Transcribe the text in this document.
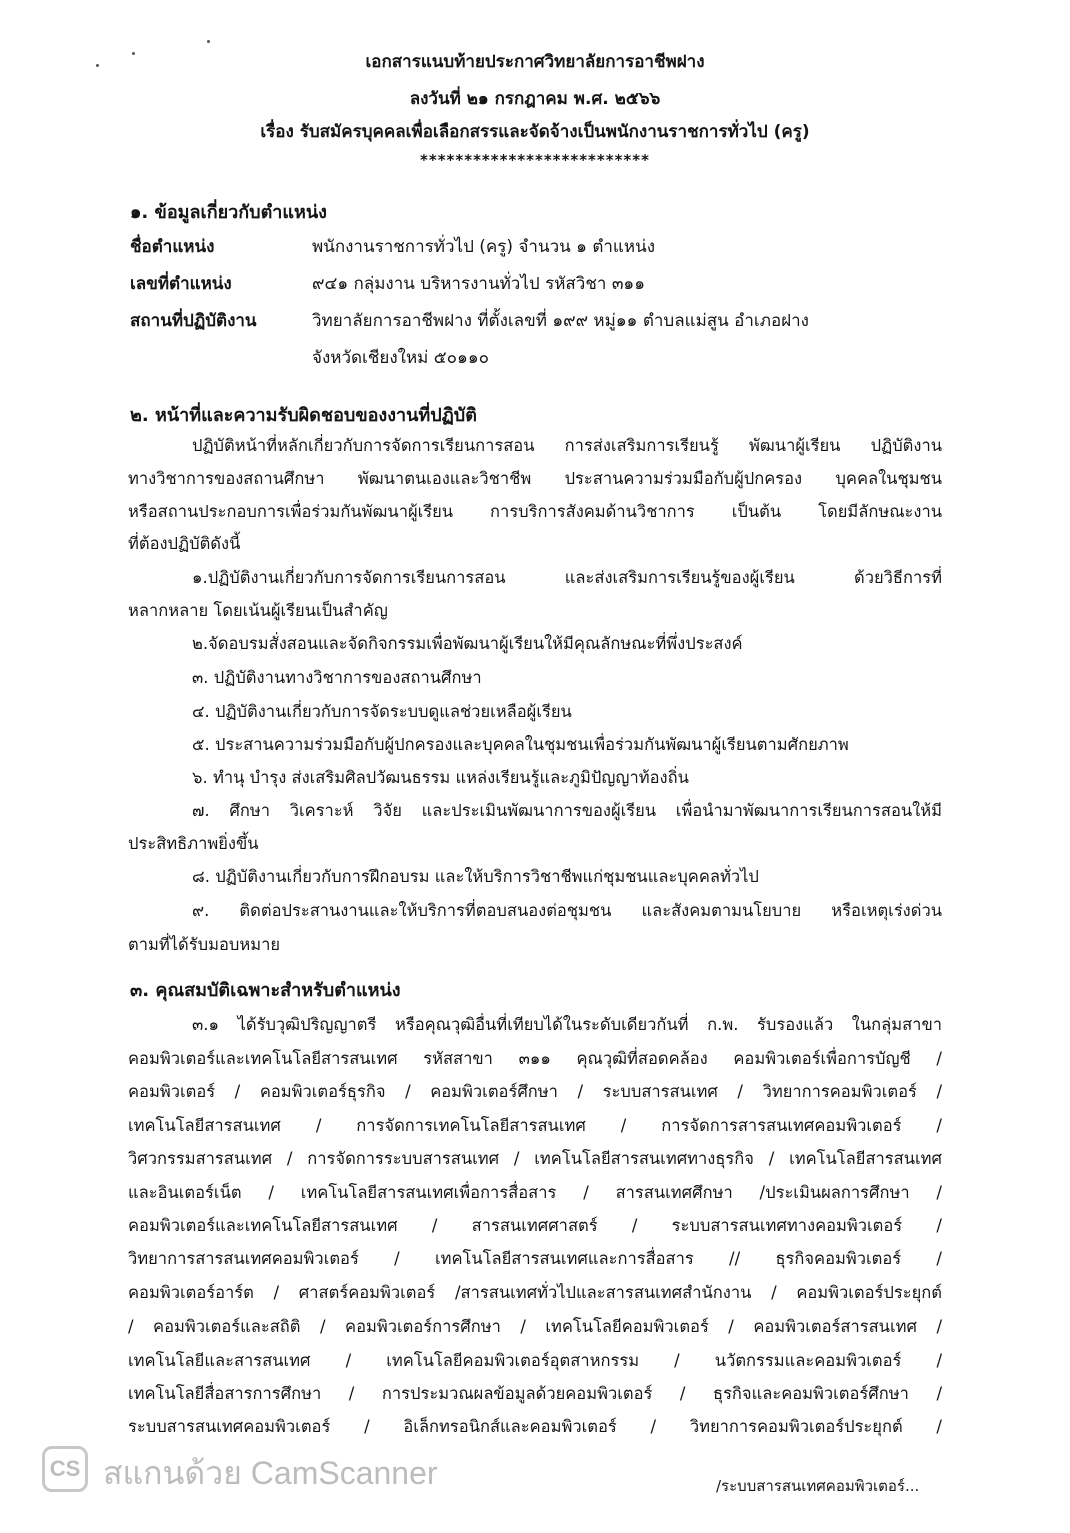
เอกสารแนบท้ายประกาศวิทยาลัยการอาชีพฝาง
ลงวันที่ ๒๑ กรกฎาคม พ.ศ. ๒๕๖๖
เรื่อง รับสมัครบุคคลเพื่อเลือกสรรและจัดจ้างเป็นพนักงานราชการทั่วไป (ครู)
**************************
๑. ข้อมูลเกี่ยวกับตำแหน่ง
ชื่อตำแหน่ง	พนักงานราชการทั่วไป (ครู) จำนวน ๑ ตำแหน่ง
เลขที่ตำแหน่ง	๙๔๑ กลุ่มงาน บริหารงานทั่วไป รหัสวิชา ๓๑๑
สถานที่ปฏิบัติงาน	วิทยาลัยการอาชีพฝาง ที่ตั้งเลขที่ ๑๙๙ หมู่๑๑ ตำบลแม่สูน อำเภอฝาง
จังหวัดเชียงใหม่ ๕๐๑๑๐
๒. หน้าที่และความรับผิดชอบของงานที่ปฏิบัติ
ปฏิบัติหน้าที่หลักเกี่ยวกับการจัดการเรียนการสอน การส่งเสริมการเรียนรู้ พัฒนาผู้เรียน ปฏิบัติงาน
ทางวิชาการของสถานศึกษา พัฒนาตนเองและวิชาชีพ ประสานความร่วมมือกับผู้ปกครอง บุคคลในชุมชน
หรือสถานประกอบการเพื่อร่วมกันพัฒนาผู้เรียน การบริการสังคมด้านวิชาการ เป็นต้น โดยมีลักษณะงาน
ที่ต้องปฏิบัติดังนี้
๑.ปฏิบัติงานเกี่ยวกับการจัดการเรียนการสอน และส่งเสริมการเรียนรู้ของผู้เรียน ด้วยวิธีการที่
หลากหลาย โดยเน้นผู้เรียนเป็นสำคัญ
๒.จัดอบรมสั่งสอนและจัดกิจกรรมเพื่อพัฒนาผู้เรียนให้มีคุณลักษณะที่พึ่งประสงค์
๓. ปฏิบัติงานทางวิชาการของสถานศึกษา
๔. ปฏิบัติงานเกี่ยวกับการจัดระบบดูแลช่วยเหลือผู้เรียน
๕. ประสานความร่วมมือกับผู้ปกครองและบุคคลในชุมชนเพื่อร่วมกันพัฒนาผู้เรียนตามศักยภาพ
๖. ทำนุ บำรุง ส่งเสริมศิลปวัฒนธรรม แหล่งเรียนรู้และภูมิปัญญาท้องถิ่น
๗. ศึกษา วิเคราะห์ วิจัย และประเมินพัฒนาการของผู้เรียน เพื่อนำมาพัฒนาการเรียนการสอนให้มี
ประสิทธิภาพยิ่งขึ้น
๘. ปฏิบัติงานเกี่ยวกับการฝึกอบรม และให้บริการวิชาชีพแก่ชุมชนและบุคคลทั่วไป
๙. ติดต่อประสานงานและให้บริการที่ตอบสนองต่อชุมชน และสังคมตามนโยบาย หรือเหตุเร่งด่วน
ตามที่ได้รับมอบหมาย
๓. คุณสมบัติเฉพาะสำหรับตำแหน่ง
๓.๑ ได้รับวุฒิปริญญาตรี หรือคุณวุฒิอื่นที่เทียบได้ในระดับเดียวกันที่ ก.พ. รับรองแล้ว ในกลุ่มสาขา
คอมพิวเตอร์และเทคโนโลยีสารสนเทศ รหัสสาขา ๓๑๑ คุณวุฒิที่สอดคล้อง คอมพิวเตอร์เพื่อการบัญชี /
คอมพิวเตอร์ / คอมพิวเตอร์ธุรกิจ / คอมพิวเตอร์ศึกษา / ระบบสารสนเทศ / วิทยาการคอมพิวเตอร์ /
เทคโนโลยีสารสนเทศ / การจัดการเทคโนโลยีสารสนเทศ / การจัดการสารสนเทศคอมพิวเตอร์ /
วิศวกรรมสารสนเทศ / การจัดการระบบสารสนเทศ / เทคโนโลยีสารสนเทศทางธุรกิจ / เทคโนโลยีสารสนเทศ
และอินเตอร์เน็ต / เทคโนโลยีสารสนเทศเพื่อการสื่อสาร / สารสนเทศศึกษา /ประเมินผลการศึกษา /
คอมพิวเตอร์และเทคโนโลยีสารสนเทศ / สารสนเทศศาสตร์ / ระบบสารสนเทศทางคอมพิวเตอร์ /
วิทยาการสารสนเทศคอมพิวเตอร์ / เทคโนโลยีสารสนเทศและการสื่อสาร // ธุรกิจคอมพิวเตอร์ /
คอมพิวเตอร์อาร์ต / ศาสตร์คอมพิวเตอร์ /สารสนเทศทั่วไปและสารสนเทศสำนักงาน / คอมพิวเตอร์ประยุกต์
/ คอมพิวเตอร์และสถิติ / คอมพิวเตอร์การศึกษา / เทคโนโลยีคอมพิวเตอร์ / คอมพิวเตอร์สารสนเทศ /
เทคโนโลยีและสารสนเทศ / เทคโนโลยีคอมพิวเตอร์อุตสาหกรรม / นวัตกรรมและคอมพิวเตอร์ /
เทคโนโลยีสื่อสารการศึกษา / การประมวณผลข้อมูลด้วยคอมพิวเตอร์ / ธุรกิจและคอมพิวเตอร์ศึกษา /
ระบบสารสนเทศคอมพิวเตอร์ / อิเล็กทรอนิกส์และคอมพิวเตอร์ / วิทยาการคอมพิวเตอร์ประยุกต์ /
CS สแกนด้วย CamScanner	/ระบบสารสนเทศคอมพิวเตอร์...
